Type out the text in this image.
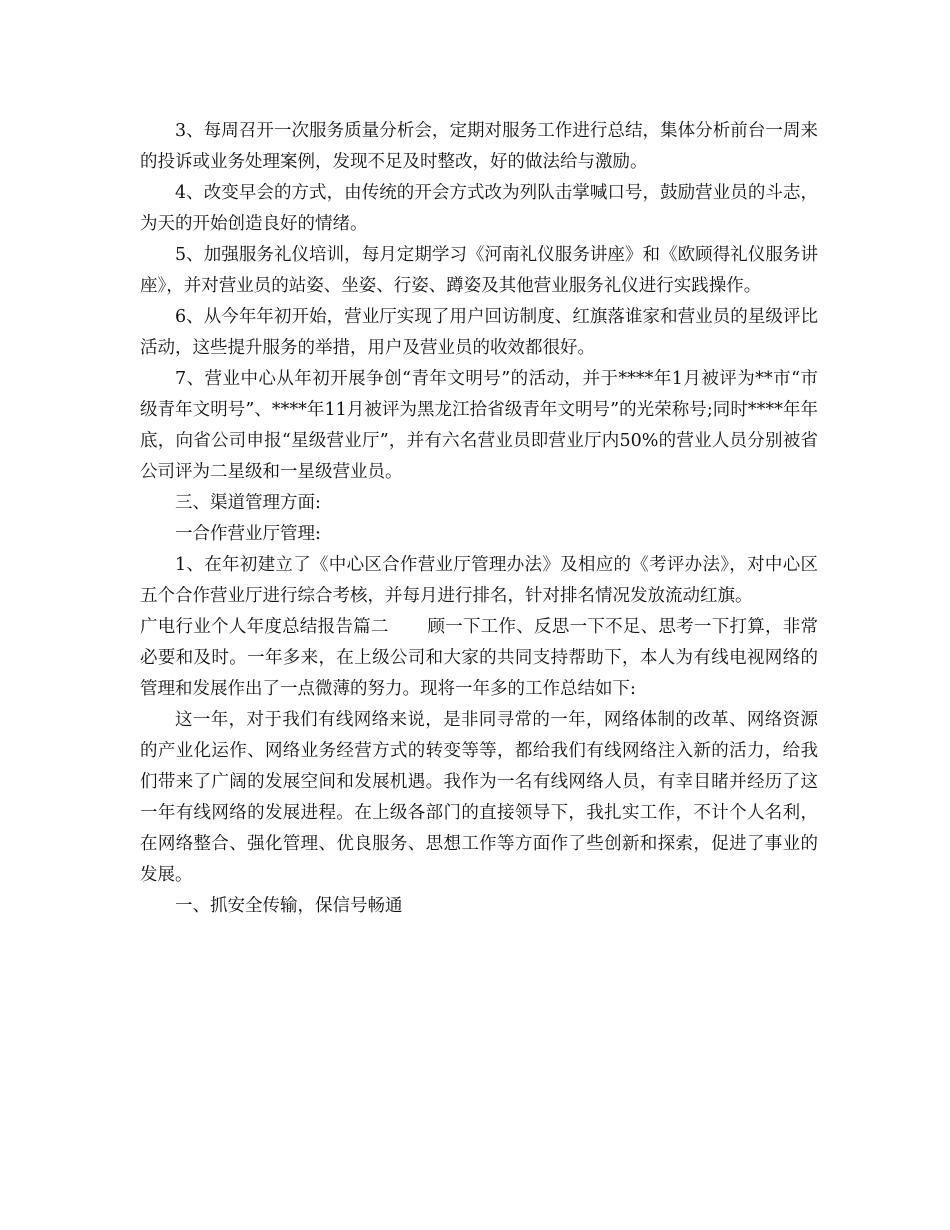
3、每周召开一次服务质量分析会，定期对服务工作进行总结，集体分析前台一周来的投诉或业务处理案例，发现不足及时整改，好的做法给与激励。

4、改变早会的方式，由传统的开会方式改为列队击掌喊口号，鼓励营业员的斗志，为天的开始创造良好的情绪。

5、加强服务礼仪培训，每月定期学习《河南礼仪服务讲座》和《欧顾得礼仪服务讲座》，并对营业员的站姿、坐姿、行姿、蹲姿及其他营业服务礼仪进行实践操作。

6、从今年年初开始，营业厅实现了用户回访制度、红旗落谁家和营业员的星级评比活动，这些提升服务的举措，用户及营业员的收效都很好。

7、营业中心从年初开展争创“青年文明号”的活动，并于****年1月被评为**市“市级青年文明号”、****年11月被评为黑龙江拾省级青年文明号”的光荣称号;同时****年年底，向省公司申报“星级营业厅”，并有六名营业员即营业厅内50%的营业人员分别被省公司评为二星级和一星级营业员。

三、渠道管理方面:

一合作营业厅管理:

1、在年初建立了《中心区合作营业厅管理办法》及相应的《考评办法》，对中心区五个合作营业厅进行综合考核，并每月进行排名，针对排名情况发放流动红旗。

广电行业个人年度总结报告篇二 顾一下工作、反思一下不足、思考一下打算，非常必要和及时。一年多来，在上级公司和大家的共同支持帮助下，本人为有线电视网络的管理和发展作出了一点微薄的努力。现将一年多的工作总结如下:

这一年，对于我们有线网络来说，是非同寻常的一年，网络体制的改革、网络资源的产业化运作、网络业务经营方式的转变等等，都给我们有线网络注入新的活力，给我们带来了广阔的发展空间和发展机遇。我作为一名有线网络人员，有幸目睹并经历了这一年有线网络的发展进程。在上级各部门的直接领导下，我扎实工作，不计个人名利，在网络整合、强化管理、优良服务、思想工作等方面作了些创新和探索，促进了事业的发展。

一、抓安全传输，保信号畅通
